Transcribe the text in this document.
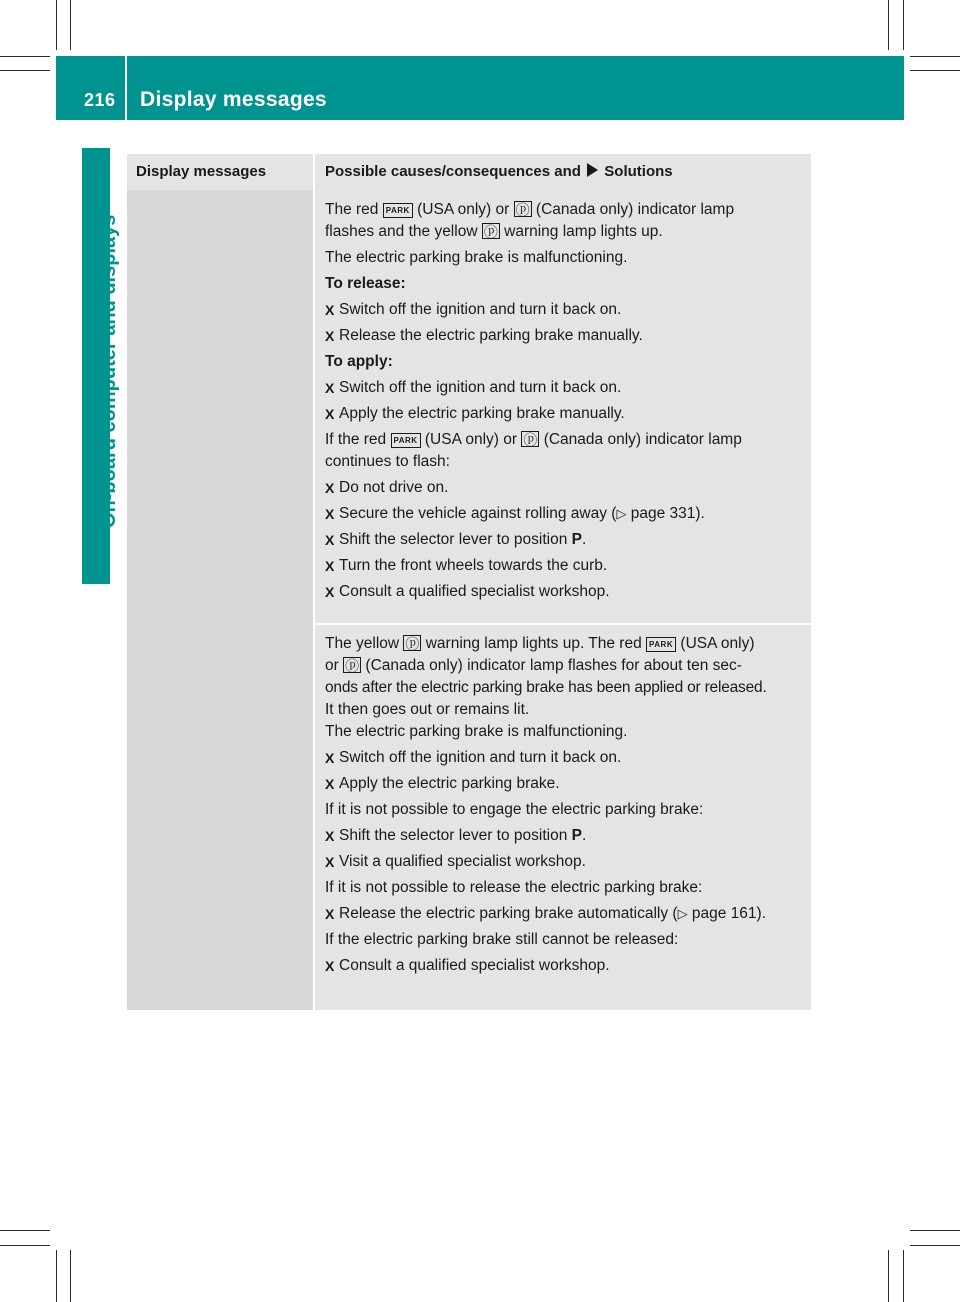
216 Display messages
On-board computer and displays
Display messages	Possible causes/consequences and Solutions
The red PARK (USA only) or ⓟ (Canada only) indicator lamp
flashes and the yellow ⓟ warning lamp lights up.
The electric parking brake is malfunctioning.
To release:
X Switch off the ignition and turn it back on.
X Release the electric parking brake manually.
To apply:
X Switch off the ignition and turn it back on.
X Apply the electric parking brake manually.
If the red PARK (USA only) or ⓟ (Canada only) indicator lamp
continues to flash:
X Do not drive on.
X Secure the vehicle against rolling away (▷ page 331).
X Shift the selector lever to position P.
X Turn the front wheels towards the curb.
X Consult a qualified specialist workshop.
The yellow ⓟ warning lamp lights up. The red PARK (USA only)
or ⓟ (Canada only) indicator lamp flashes for about ten sec-
onds after the electric parking brake has been applied or released.
It then goes out or remains lit.
The electric parking brake is malfunctioning.
X Switch off the ignition and turn it back on.
X Apply the electric parking brake.
If it is not possible to engage the electric parking brake:
X Shift the selector lever to position P.
X Visit a qualified specialist workshop.
If it is not possible to release the electric parking brake:
X Release the electric parking brake automatically (▷ page 161).
If the electric parking brake still cannot be released:
X Consult a qualified specialist workshop.
